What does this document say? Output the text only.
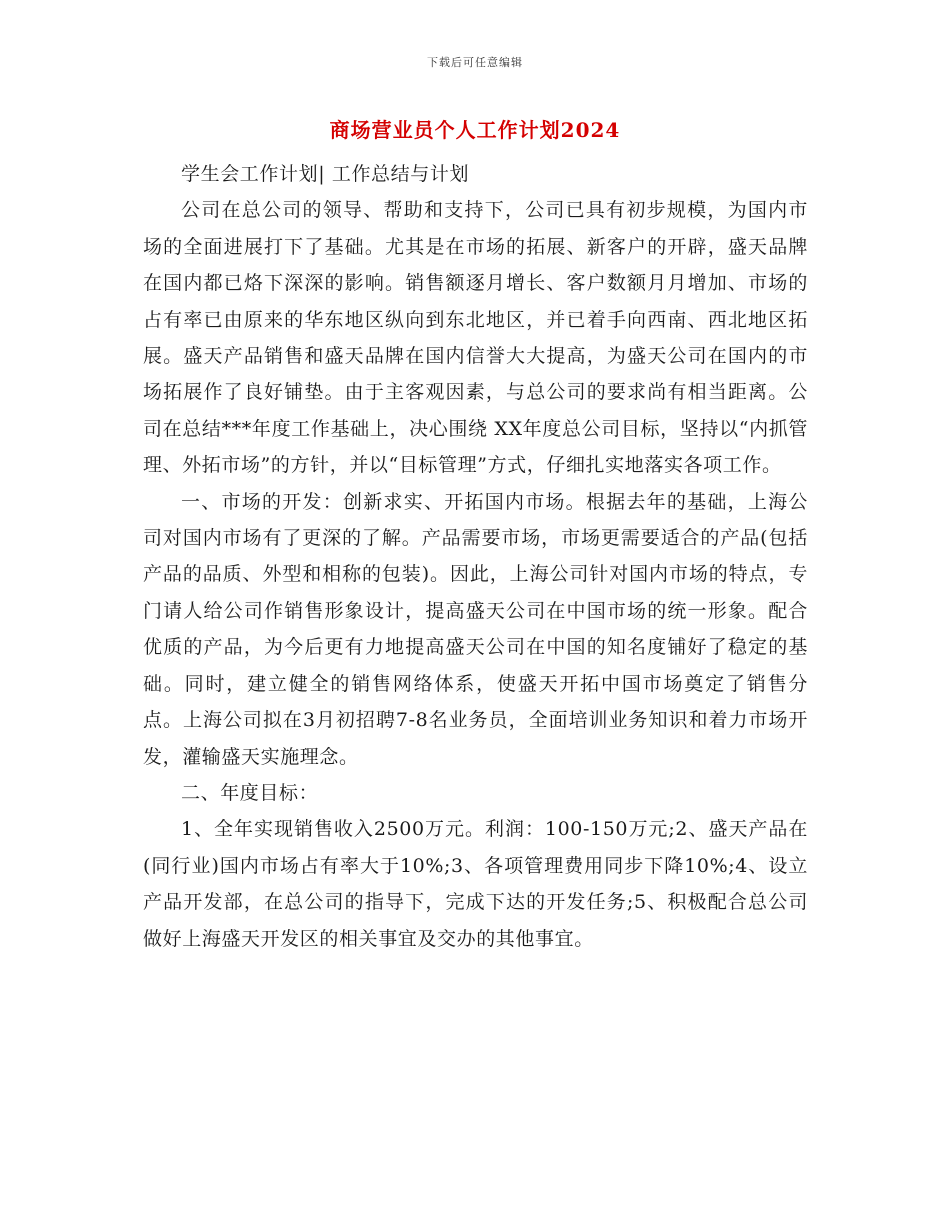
下载后可任意编辑
商场营业员个人工作计划2024

学生会工作计划| 工作总结与计划

公司在总公司的领导、帮助和支持下，公司已具有初步规模，为国内市场的全面进展打下了基础。尤其是在市场的拓展、新客户的开辟，盛天品牌在国内都已烙下深深的影响。销售额逐月增长、客户数额月月增加、市场的占有率已由原来的华东地区纵向到东北地区，并已着手向西南、西北地区拓展。盛天产品销售和盛天品牌在国内信誉大大提高，为盛天公司在国内的市场拓展作了良好铺垫。由于主客观因素，与总公司的要求尚有相当距离。公司在总结***年度工作基础上，决心围绕 XX年度总公司目标，坚持以“内抓管理、外拓市场”的方针，并以“目标管理”方式，仔细扎实地落实各项工作。

一、市场的开发：创新求实、开拓国内市场。根据去年的基础，上海公司对国内市场有了更深的了解。产品需要市场，市场更需要适合的产品(包括产品的品质、外型和相称的包装)。因此，上海公司针对国内市场的特点，专门请人给公司作销售形象设计，提高盛天公司在中国市场的统一形象。配合优质的产品，为今后更有力地提高盛天公司在中国的知名度铺好了稳定的基础。同时，建立健全的销售网络体系，使盛天开拓中国市场奠定了销售分点。上海公司拟在3月初招聘7-8名业务员，全面培训业务知识和着力市场开发，灌输盛天实施理念。

二、年度目标：

1、全年实现销售收入2500万元。利润：100-150万元;2、盛天产品在(同行业)国内市场占有率大于10%;3、各项管理费用同步下降10%;4、设立产品开发部，在总公司的指导下，完成下达的开发任务;5、积极配合总公司做好上海盛天开发区的相关事宜及交办的其他事宜。
